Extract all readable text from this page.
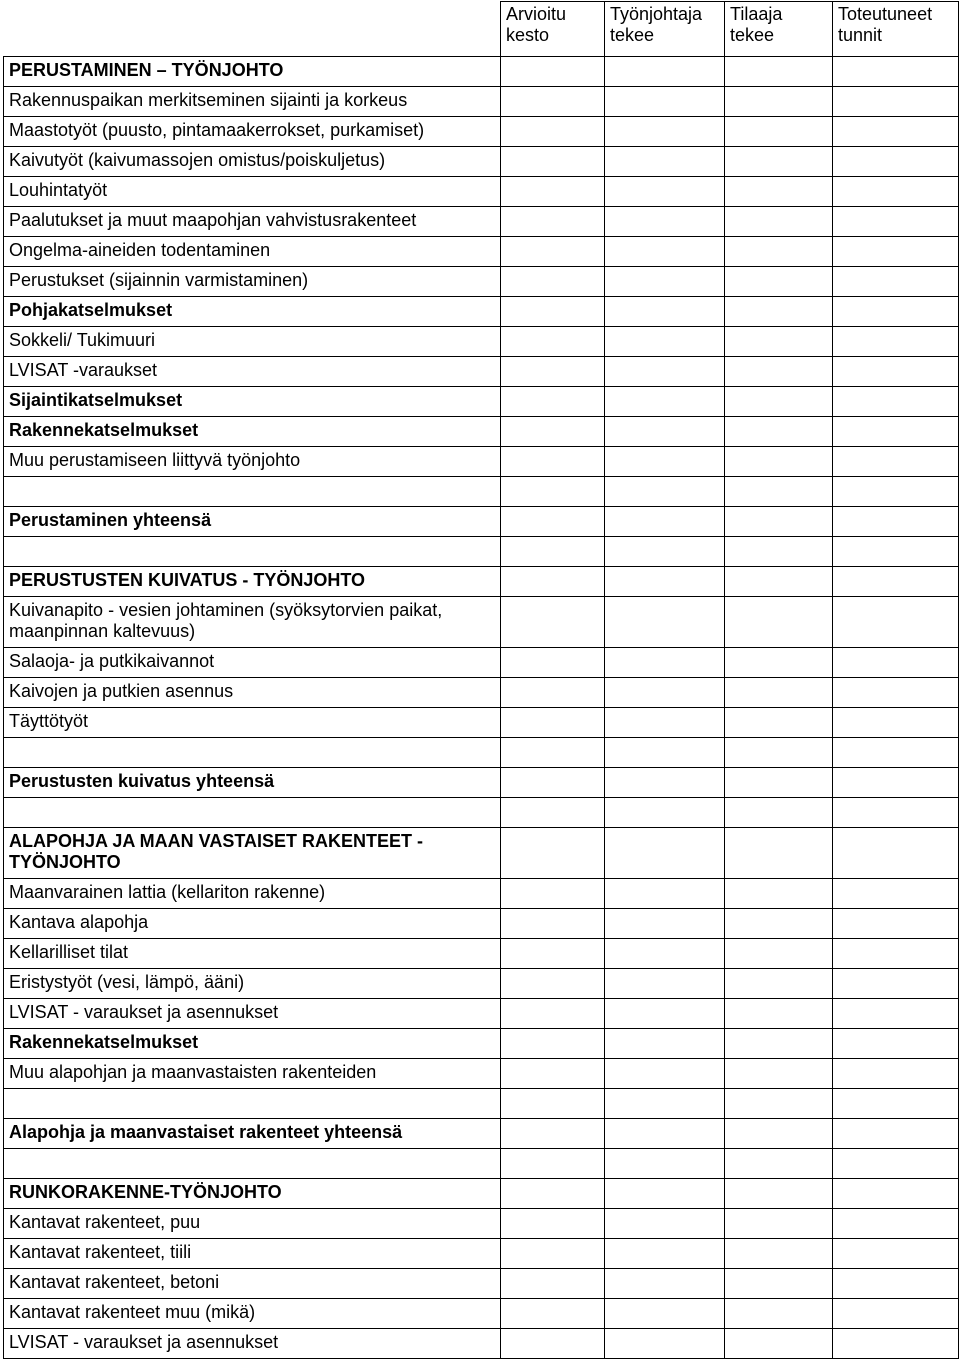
	Arvioitu kesto	Työnjohtaja tekee	Tilaaja tekee	Toteutuneet tunnit
PERUSTAMINEN – TYÖNJOHTO				
Rakennuspaikan merkitseminen sijainti ja korkeus				
Maastotyöt (puusto, pintamaakerrokset, purkamiset)				
Kaivutyöt (kaivumassojen omistus/poiskuljetus)				
Louhintatyöt				
Paalutukset ja muut maapohjan vahvistusrakenteet				
Ongelma-aineiden todentaminen				
Perustukset (sijainnin varmistaminen)				
Pohjakatselmukset				
Sokkeli/ Tukimuuri				
LVISAT -varaukset				
Sijaintikatselmukset				
Rakennekatselmukset				
Muu perustamiseen liittyvä työnjohto				

Perustaminen yhteensä				

PERUSTUSTEN KUIVATUS - TYÖNJOHTO				
Kuivanapito - vesien johtaminen (syöksytorvien paikat, maanpinnan kaltevuus)				
Salaoja- ja putkikaivannot				
Kaivojen ja putkien asennus				
Täyttötyöt				

Perustusten kuivatus yhteensä				

ALAPOHJA JA MAAN VASTAISET RAKENTEET - TYÖNJOHTO				
Maanvarainen lattia (kellariton rakenne)				
Kantava alapohja				
Kellarilliset tilat				
Eristystyöt (vesi, lämpö, ääni)				
LVISAT - varaukset ja asennukset				
Rakennekatselmukset				
Muu alapohjan ja maanvastaisten rakenteiden				

Alapohja ja maanvastaiset rakenteet yhteensä				

RUNKORAKENNE-TYÖNJOHTO				
Kantavat rakenteet, puu				
Kantavat rakenteet, tiili				
Kantavat rakenteet, betoni				
Kantavat rakenteet muu (mikä)				
LVISAT - varaukset ja asennukset				
